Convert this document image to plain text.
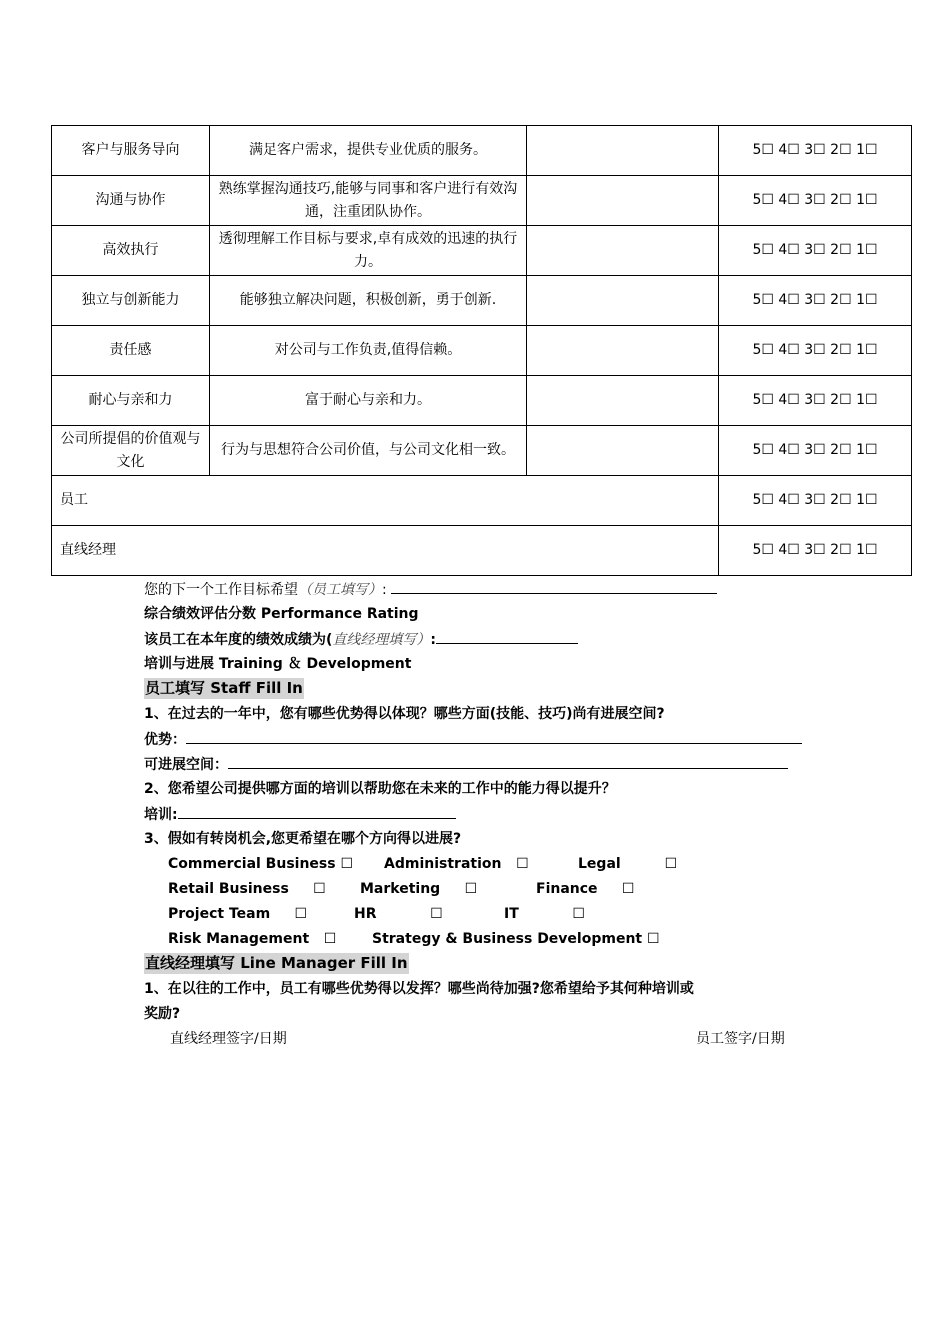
客户与服务导向	满足客户需求，提供专业优质的服务。		5☐ 4☐ 3☐ 2☐ 1☐
沟通与协作	熟练掌握沟通技巧,能够与同事和客户进行有效沟通，注重团队协作。		5☐ 4☐ 3☐ 2☐ 1☐
高效执行	透彻理解工作目标与要求,卓有成效的迅速的执行力。		5☐ 4☐ 3☐ 2☐ 1☐
独立与创新能力	能够独立解决问题，积极创新，勇于创新.		5☐ 4☐ 3☐ 2☐ 1☐
责任感	对公司与工作负责,值得信赖。		5☐ 4☐ 3☐ 2☐ 1☐
耐心与亲和力	富于耐心与亲和力。		5☐ 4☐ 3☐ 2☐ 1☐
公司所提倡的价值观与文化	行为与思想符合公司价值，与公司文化相一致。		5☐ 4☐ 3☐ 2☐ 1☐
员工			5☐ 4☐ 3☐ 2☐ 1☐
直线经理			5☐ 4☐ 3☐ 2☐ 1☐
您的下一个工作目标希望（员工填写）:
综合绩效评估分数 Performance Rating
该员工在本年度的绩效成绩为(直线经理填写）:
培训与进展 Training ＆ Development
员工填写 Staff Fill In
1、在过去的一年中，您有哪些优势得以体现？哪些方面(技能、技巧)尚有进展空间?
优势：
可进展空间：
2、您希望公司提供哪方面的培训以帮助您在未来的工作中的能力得以提升？
培训:
3、假如有转岗机会,您更希望在哪个方向得以进展?
Commercial Business ☐	Administration ☐	Legal	☐
Retail Business ☐	Marketing ☐	Finance ☐
Project Team ☐	HR	☐	IT	☐
Risk Management ☐	Strategy & Business Development ☐
直线经理填写 Line Manager Fill In
1、在以往的工作中，员工有哪些优势得以发挥？哪些尚待加强?您希望给予其何种培训或
奖励?
直线经理签字/日期	员工签字/日期
